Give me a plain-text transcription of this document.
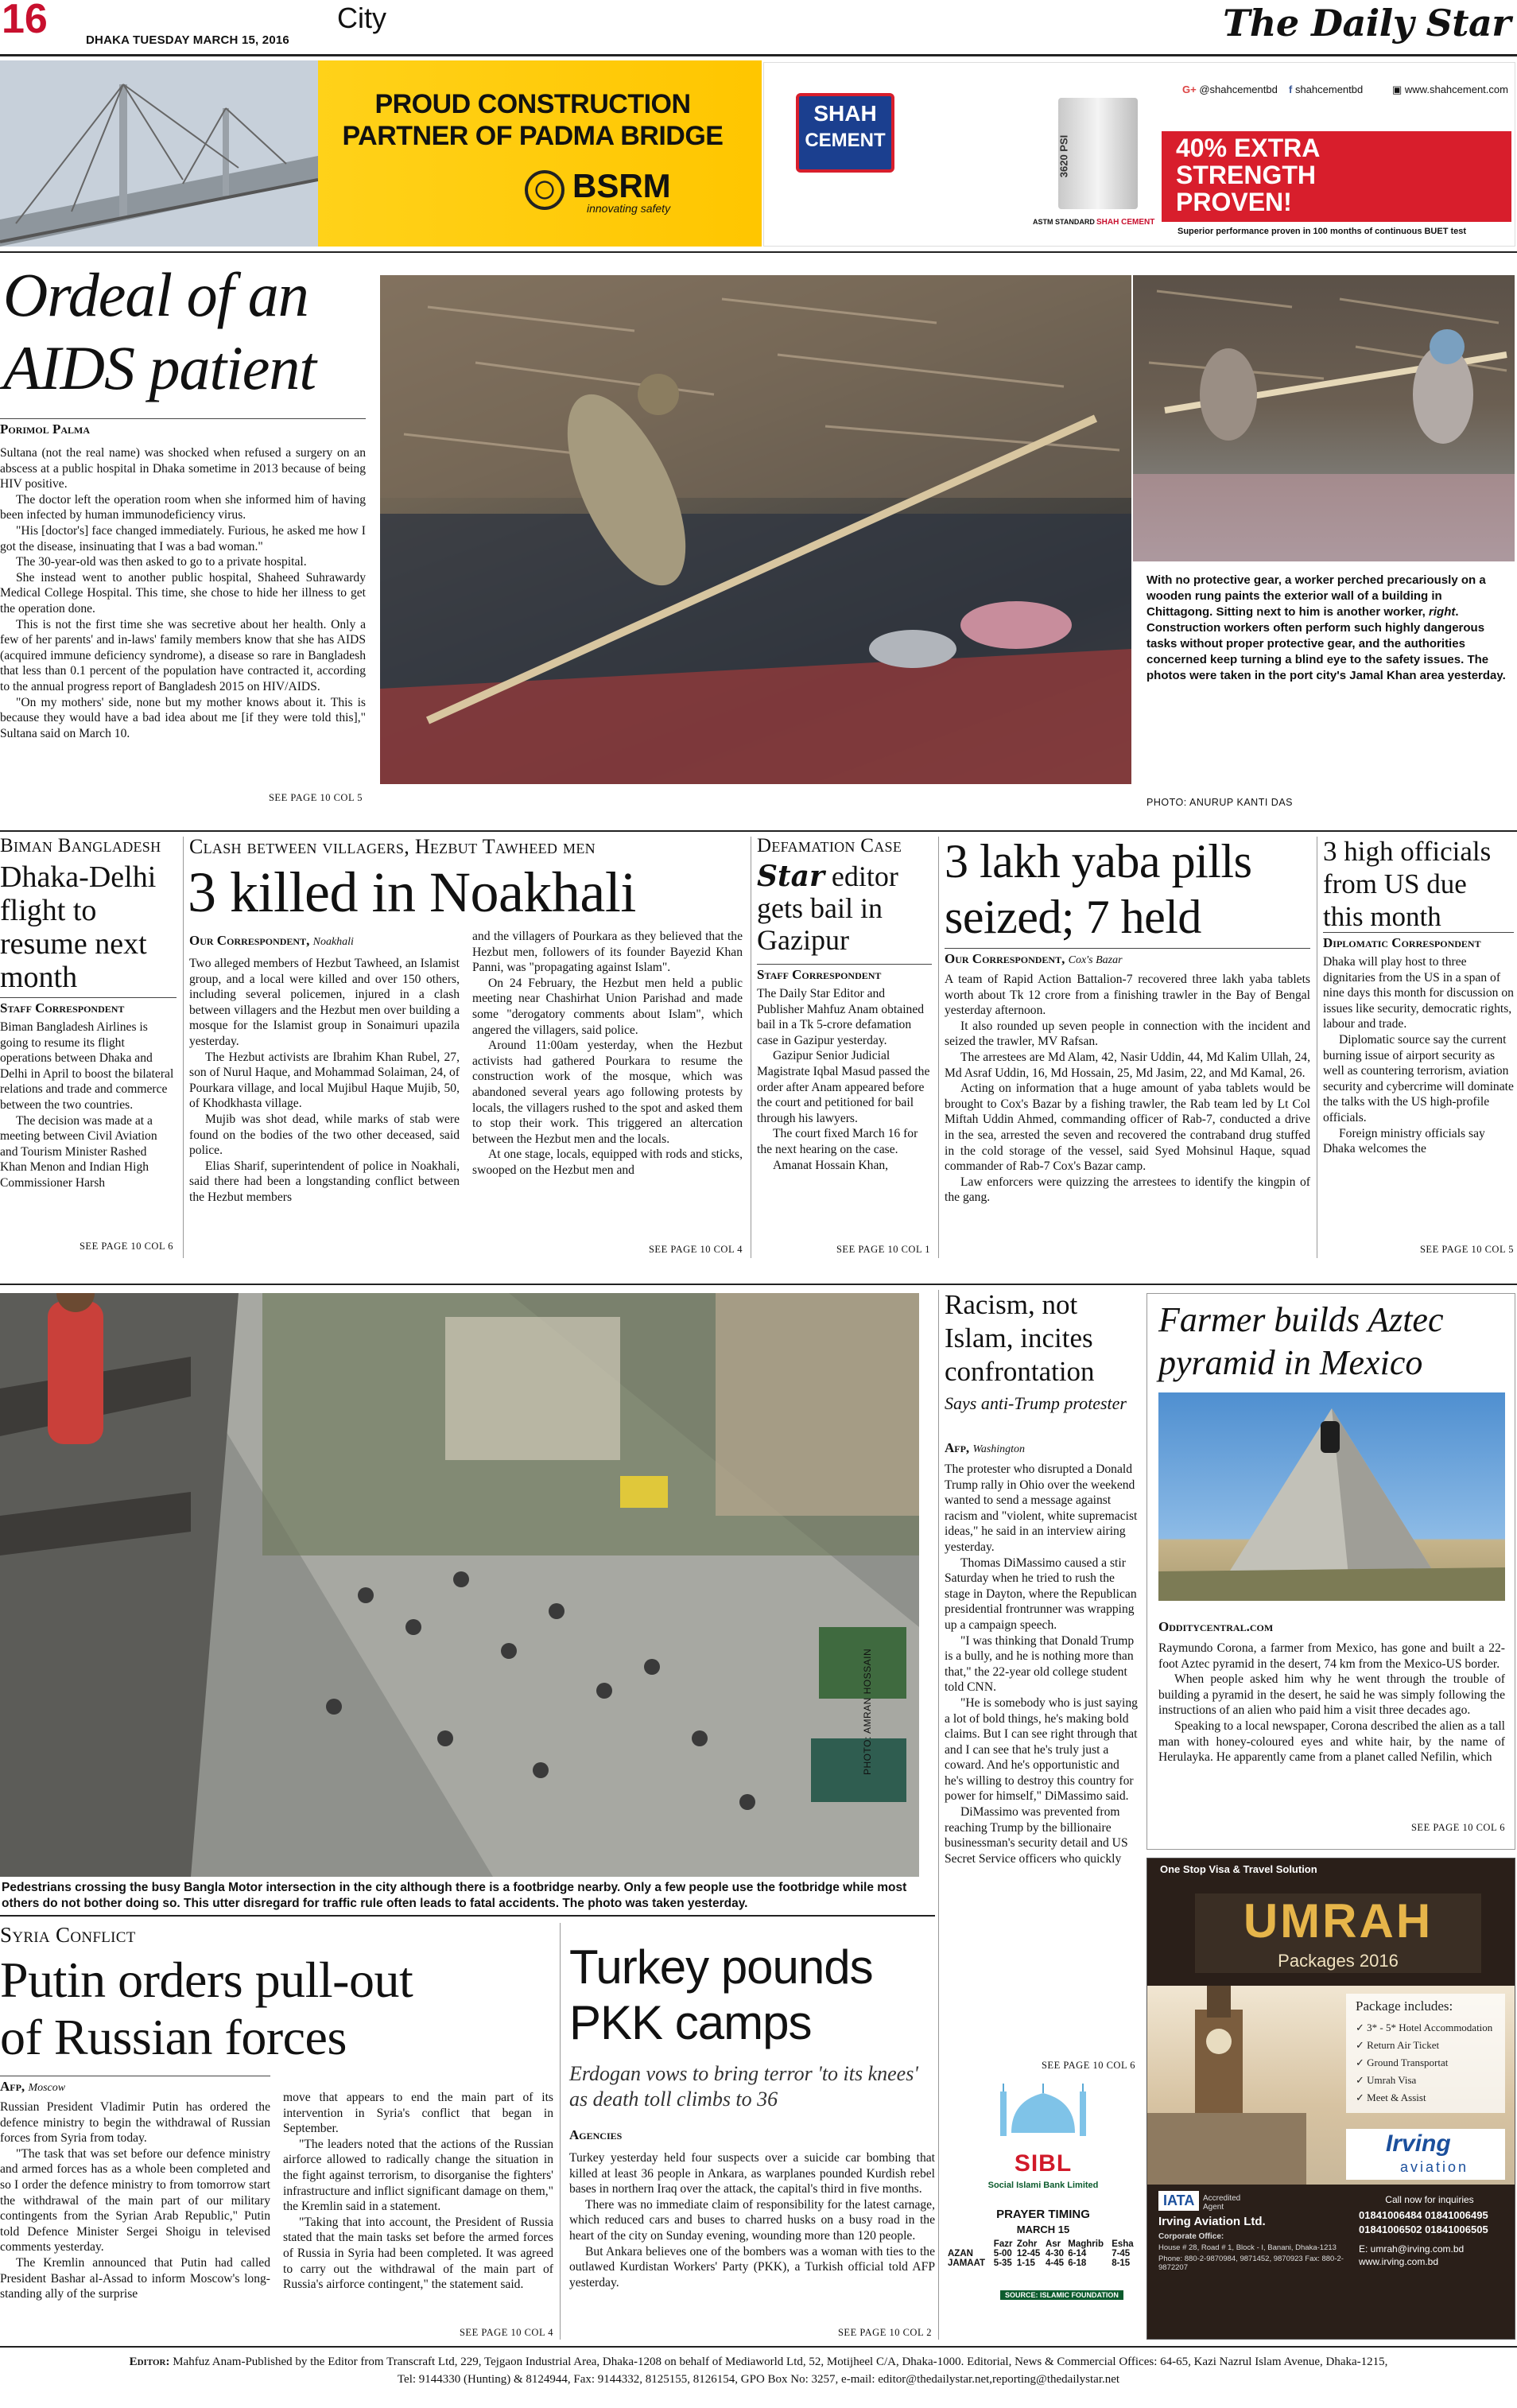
16	DHAKA TUESDAY MARCH 15, 2016
City	The Daily Star
PROUD CONSTRUCTION
PARTNER OF PADMA BRIDGE
BSRM
innovating safety
SHAH
CEMENT	3620 PSI
ASTM STANDARD SHAH CEMENT
G+ @shahcementbd f shahcementbd	▣ www.shahcement.com
40% EXTRA
STRENGTH
PROVEN!
Superior performance proven in 100 months of continuous BUET test
Ordeal of an
AIDS patient
Porimol Palma

Sultana (not the real name) was shocked when refused a surgery on an abscess at a public hospital in Dhaka sometime in 2013 because of being HIV positive.

The doctor left the operation room when she informed him of having been infected by human immunodeficiency virus.

"His [doctor's] face changed immediately. Furious, he asked me how I got the disease, insinuating that I was a bad woman."

The 30-year-old was then asked to go to a private hospital.

She instead went to another public hospital, Shaheed Suhrawardy Medical College Hospital. This time, she chose to hide her illness to get the operation done.

This is not the first time she was secretive about her health. Only a few of her parents' and in-laws' family members know that she has AIDS (acquired immune deficiency syndrome), a disease so rare in Bangladesh that less than 0.1 percent of the population have contracted it, according to the annual progress report of Bangladesh 2015 on HIV/AIDS.

"On my mothers' side, none but my mother knows about it. This is because they would have a bad idea about me [if they were told this]," Sultana said on March 10.

SEE PAGE 10 COL 5
With no protective gear, a worker perched precariously on a wooden rung paints the exterior wall of a building in Chittagong. Sitting next to him is another worker, right. Construction workers often perform such highly dangerous tasks without proper protective gear, and the authorities concerned keep turning a blind eye to the safety issues. The photos were taken in the port city's Jamal Khan area yesterday.
PHOTO: ANURUP KANTI DAS
Biman Bangladesh
Dhaka-Delhi flight to resume next month
Staff Correspondent

Biman Bangladesh Airlines is going to resume its flight operations between Dhaka and Delhi in April to boost the bilateral relations and trade and commerce between the two countries.

The decision was made at a meeting between Civil Aviation and Tourism Minister Rashed Khan Menon and Indian High Commissioner Harsh

SEE PAGE 10 COL 6
Clash between villagers, Hezbut Tawheed men
3 killed in Noakhali
Our Correspondent, Noakhali

Two alleged members of Hezbut Tawheed, an Islamist group, and a local were killed and over 150 others, including several policemen, injured in a clash between villagers and the Hezbut men over building a mosque for the Islamist group in Sonaimuri upazila yesterday.

The Hezbut activists are Ibrahim Khan Rubel, 27, son of Nurul Haque, and Mohammad Solaiman, 24, of Pourkara village, and local Mujibul Haque Mujib, 50, of Khodkhasta village.

Mujib was shot dead, while marks of stab were found on the bodies of the two other deceased, said police.

Elias Sharif, superintendent of police in Noakhali, said there had been a longstanding conflict between the Hezbut members

and the villagers of Pourkara as they believed that the Hezbut men, followers of its founder Bayezid Khan Panni, was "propagating against Islam".

On 24 February, the Hezbut men held a public meeting near Chashirhat Union Parishad and made some "derogatory comments about Islam", which angered the villagers, said police.

Around 11:00am yesterday, when the Hezbut activists had gathered Pourkara to resume the construction work of the mosque, which was abandoned several years ago following protests by locals, the villagers rushed to the spot and asked them to stop their work. This triggered an altercation between the Hezbut men and the locals.

At one stage, locals, equipped with rods and sticks, swooped on the Hezbut men and

SEE PAGE 10 COL 4
Defamation Case
Star editor gets bail in Gazipur
Staff Correspondent

The Daily Star Editor and Publisher Mahfuz Anam obtained bail in a Tk 5-crore defamation case in Gazipur yesterday.

Gazipur Senior Judicial Magistrate Iqbal Masud passed the order after Anam appeared before the court and petitioned for bail through his lawyers.

The court fixed March 16 for the next hearing on the case.

Amanat Hossain Khan,

SEE PAGE 10 COL 1
3 lakh yaba pills seized; 7 held
Our Correspondent, Cox's Bazar

A team of Rapid Action Battalion-7 recovered three lakh yaba tablets worth about Tk 12 crore from a finishing trawler in the Bay of Bengal yesterday afternoon.

It also rounded up seven people in connection with the incident and seized the trawler, MV Rafsan.

The arrestees are Md Alam, 42, Nasir Uddin, 44, Md Kalim Ullah, 24, Md Asraf Uddin, 16, Md Hossain, 25, Md Jasim, 22, and Md Kamal, 26.

Acting on information that a huge amount of yaba tablets would be brought to Cox's Bazar by a fishing trawler, the Rab team led by Lt Col Miftah Uddin Ahmed, commanding officer of Rab-7, conducted a drive in the sea, arrested the seven and recovered the contraband drug stuffed in the cold storage of the vessel, said Syed Mohsinul Haque, squad commander of Rab-7 Cox's Bazar camp.

Law enforcers were quizzing the arrestees to identify the kingpin of the gang.

3 high officials from US due this month
Diplomatic Correspondent

Dhaka will play host to three dignitaries from the US in a span of nine days this month for discussion on issues like security, democratic rights, labour and trade.

Diplomatic source say the current burning issue of airport security as well as countering terrorism, aviation security and cybercrime will dominate the talks with the US high-profile officials.

Foreign ministry officials say Dhaka welcomes the

SEE PAGE 10 COL 5
PHOTO: AMRAN HOSSAIN
Pedestrians crossing the busy Bangla Motor intersection in the city although there is a footbridge nearby. Only a few people use the footbridge while most others do not bother doing so. This utter disregard for traffic rule often leads to fatal accidents. The photo was taken yesterday.
Racism, not Islam, incites confrontation
Says anti-Trump protester
Afp, Washington

The protester who disrupted a Donald Trump rally in Ohio over the weekend wanted to send a message against racism and "violent, white supremacist ideas," he said in an interview airing yesterday.

Thomas DiMassimo caused a stir Saturday when he tried to rush the stage in Dayton, where the Republican presidential frontrunner was wrapping up a campaign speech.

"I was thinking that Donald Trump is a bully, and he is nothing more than that," the 22-year old college student told CNN.

"He is somebody who is just saying a lot of bold things, he's making bold claims. But I can see right through that and I can see that he's truly just a coward. And he's opportunistic and he's willing to destroy this country for power for himself," DiMassimo said.

DiMassimo was prevented from reaching Trump by the billionaire businessman's security detail and US Secret Service officers who quickly

SEE PAGE 10 COL 6
Farmer builds Aztec pyramid in Mexico
Odditycentral.com

Raymundo Corona, a farmer from Mexico, has gone and built a 22-foot Aztec pyramid in the desert, 74 km from the Mexico-US border.

When people asked him why he went through the trouble of building a pyramid in the desert, he said he was simply following the instructions of an alien who paid him a visit three decades ago.

Speaking to a local newspaper, Corona described the alien as a tall man with honey-coloured eyes and white hair, by the name of Herulayka. He apparently came from a planet called Nefilin, which

SEE PAGE 10 COL 6
One Stop Visa & Travel Solution
UMRAH
Packages 2016
Package includes:
✓ 3* - 5* Hotel Accommodation
✓ Return Air Ticket
✓ Ground Transportat
✓ Umrah Visa
✓ Meet & Assist
Irving
aviation
IATA	Accredited Agent
Call now for inquiries
Irving Aviation Ltd.
Corporate Office:
House # 28, Road # 1, Block - I, Banani, Dhaka-1213
Phone: 880-2-9870984, 9871452, 9870923 Fax: 880-2-9872207
01841006484 01841006495
01841006502 01841006505
E: umrah@irving.com.bd
www.irving.com.bd
Syria Conflict
Putin orders pull-out
of Russian forces
Afp, Moscow

Russian President Vladimir Putin has ordered the defence ministry to begin the withdrawal of Russian forces from Syria from today.

"The task that was set before our defence ministry and armed forces has as a whole been completed and so I order the defence ministry to from tomorrow start the withdrawal of the main part of our military contingents from the Syrian Arab Republic," Putin told Defence Minister Sergei Shoigu in televised comments yesterday.

The Kremlin announced that Putin had called President Bashar al-Assad to inform Moscow's long-standing ally of the surprise

move that appears to end the main part of its intervention in Syria's conflict that began in September.

"The leaders noted that the actions of the Russian airforce allowed to radically change the situation in the fight against terrorism, to disorganise the fighters' infrastructure and inflict significant damage on them," the Kremlin said in a statement.

"Taking that into account, the President of Russia stated that the main tasks set before the armed forces of Russia in Syria had been completed. It was agreed to carry out the withdrawal of the main part of Russia's airforce contingent," the statement said.

SEE PAGE 10 COL 4
Turkey pounds
PKK camps
Erdogan vows to bring terror 'to its knees' as death toll climbs to 36
Agencies

Turkey yesterday held four suspects over a suicide car bombing that killed at least 36 people in Ankara, as warplanes pounded Kurdish rebel bases in northern Iraq over the attack, the capital's third in five months.

There was no immediate claim of responsibility for the latest carnage, which reduced cars and buses to charred husks on a busy road in the heart of the city on Sunday evening, wounding more than 120 people.

But Ankara believes one of the bombers was a woman with ties to the outlawed Kurdistan Workers' Party (PKK), a Turkish official told AFP yesterday.

SEE PAGE 10 COL 2
SIBL
Social Islami Bank Limited
PRAYER TIMING
MARCH 15
	Fazr	Zohr	Asr	Maghrib	Esha
AZAN	5-00	12-45	4-30	6-14	7-45
JAMAAT	5-35	1-15	4-45	6-18	8-15
SOURCE: ISLAMIC FOUNDATION
Editor: Mahfuz Anam-Published by the Editor from Transcraft Ltd, 229, Tejgaon Industrial Area, Dhaka-1208 on behalf of Mediaworld Ltd, 52, Motijheel C/A, Dhaka-1000. Editorial, News & Commercial Offices: 64-65, Kazi Nazrul Islam Avenue, Dhaka-1215,
Tel: 9144330 (Hunting) & 8124944, Fax: 9144332, 8125155, 8126154, GPO Box No: 3257, e-mail: editor@thedailystar.net,reporting@thedailystar.net
